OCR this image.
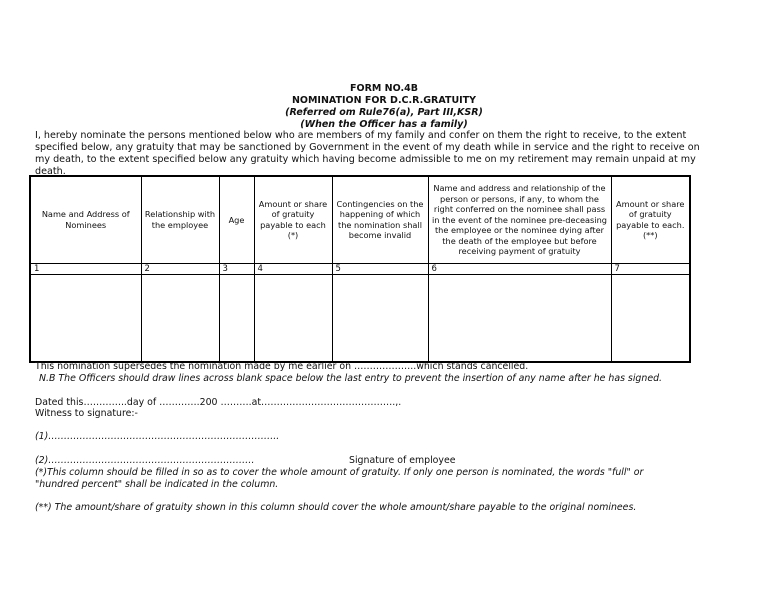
FORM NO.4B
NOMINATION FOR D.C.R.GRATUITY
(Referred om Rule76(a), Part III,KSR)
(When the Officer has a family)
I, hereby nominate the persons mentioned below who are members of my family and confer on them the right to receive, to the extent
specified below, any gratuity that may be sanctioned by Government in the event of my death while in service and the right to receive on
my death, to the extent specified below any gratuity which having become admissible to me on my retirement may remain unpaid at my
death.
Name and Address of Nominees	Relationship with the employee	Age	Amount or share of gratuity payable to each (*)	Contingencies on the happening of which the nomination shall become invalid	Name and address and relationship of the person or persons, if any, to whom the right conferred on the nominee shall pass in the event of the nominee pre-deceasing the employee or the nominee dying after the death of the employee but before receiving payment of gratuity	Amount or share of gratuity payable to each. (**)
1	2	3	4	5	6	7

This nomination supersedes the nomination made by me earlier on ………………..which stands cancelled.
N.B The Officers should draw lines across blank space below the last entry to prevent the insertion of any name after he has signed.
Dated this…………..day of ………….200 ……….at…………………………………….,.
Witness to signature:-
(1)………………………………………………………………..
(2)…………………………………………………………	Signature of employee
(*)This column should be filled in so as to cover the whole amount of gratuity. If only one person is nominated, the words "full" or
"hundred percent" shall be indicated in the column.
(**) The amount/share of gratuity shown in this column should cover the whole amount/share payable to the original nominees.
